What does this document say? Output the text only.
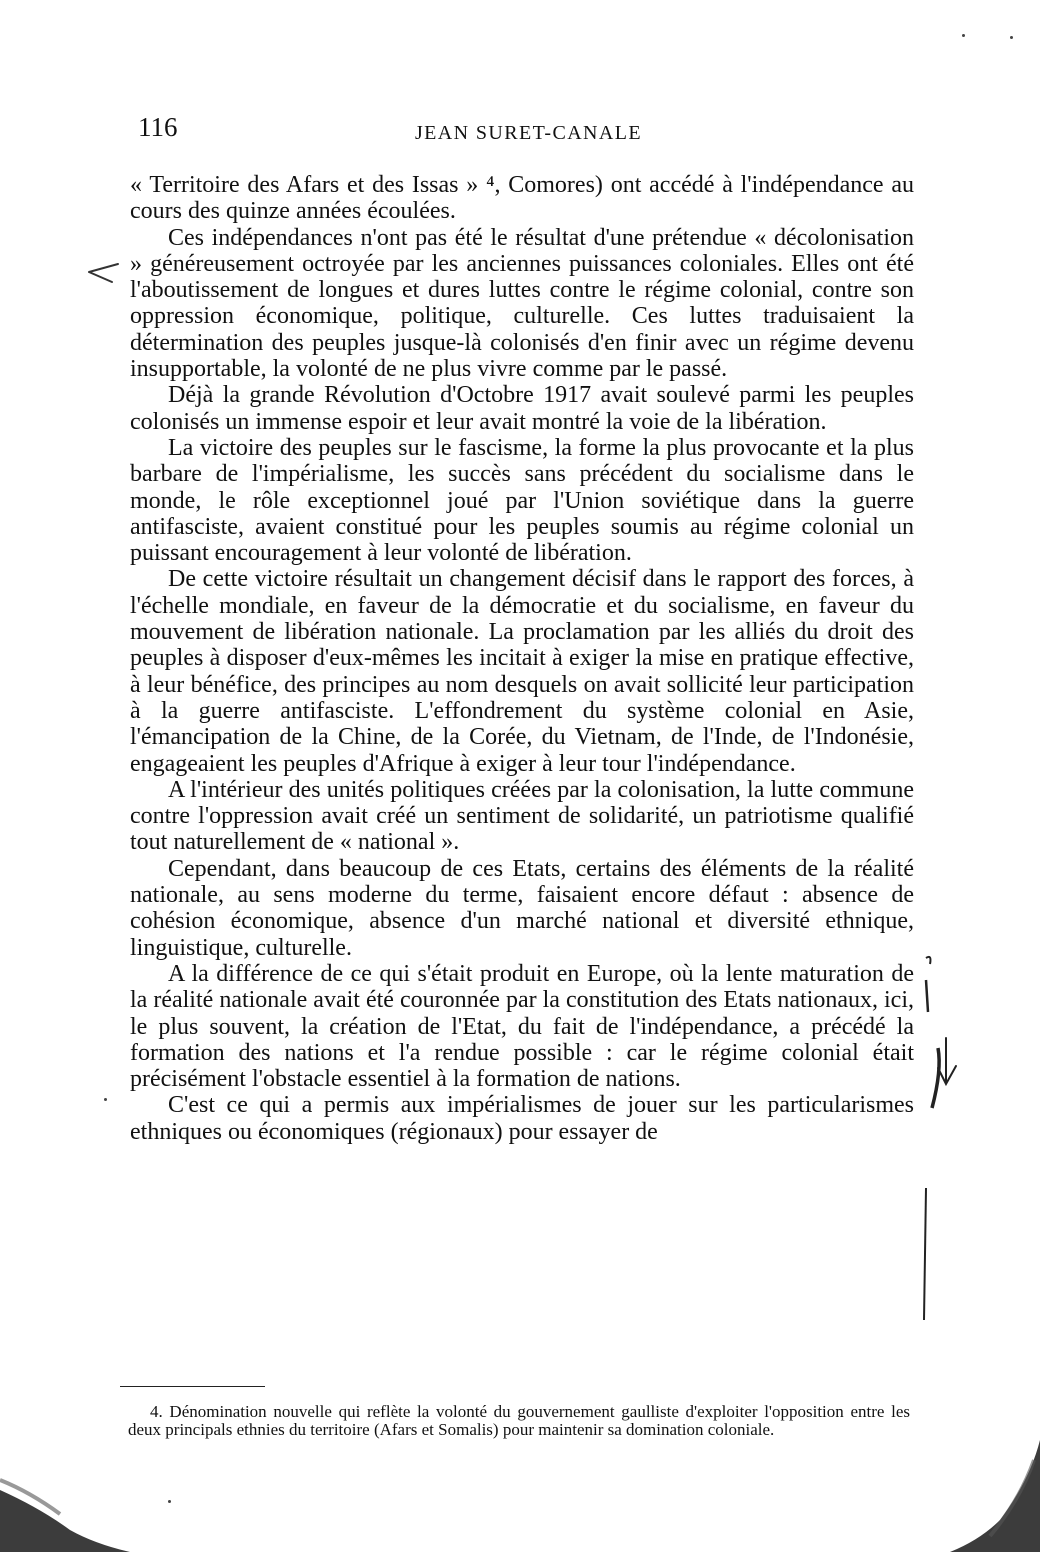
116	JEAN SURET-CANALE

« Territoire des Afars et des Issas » ⁴, Comores) ont accédé à l'indépendance au cours des quinze années écoulées.

Ces indépendances n'ont pas été le résultat d'une prétendue « décolonisation » généreusement octroyée par les anciennes puissances coloniales. Elles ont été l'aboutissement de longues et dures luttes contre le régime colonial, contre son oppression économique, politique, culturelle. Ces luttes traduisaient la détermination des peuples jusque-là colonisés d'en finir avec un régime devenu insupportable, la volonté de ne plus vivre comme par le passé.

Déjà la grande Révolution d'Octobre 1917 avait soulevé parmi les peuples colonisés un immense espoir et leur avait montré la voie de la libération.

La victoire des peuples sur le fascisme, la forme la plus provocante et la plus barbare de l'impérialisme, les succès sans précédent du socialisme dans le monde, le rôle exceptionnel joué par l'Union soviétique dans la guerre antifasciste, avaient constitué pour les peuples soumis au régime colonial un puissant encouragement à leur volonté de libération.

De cette victoire résultait un changement décisif dans le rapport des forces, à l'échelle mondiale, en faveur de la démocratie et du socialisme, en faveur du mouvement de libération nationale. La proclamation par les alliés du droit des peuples à disposer d'eux-mêmes les incitait à exiger la mise en pratique effective, à leur bénéfice, des principes au nom desquels on avait sollicité leur participation à la guerre antifasciste. L'effondrement du système colonial en Asie, l'émancipation de la Chine, de la Corée, du Vietnam, de l'Inde, de l'Indonésie, engageaient les peuples d'Afrique à exiger à leur tour l'indépendance.

A l'intérieur des unités politiques créées par la colonisation, la lutte commune contre l'oppression avait créé un sentiment de solidarité, un patriotisme qualifié tout naturellement de « national ».

Cependant, dans beaucoup de ces Etats, certains des éléments de la réalité nationale, au sens moderne du terme, faisaient encore défaut : absence de cohésion économique, absence d'un marché national et diversité ethnique, linguistique, culturelle.

A la différence de ce qui s'était produit en Europe, où la lente maturation de la réalité nationale avait été couronnée par la constitution des Etats nationaux, ici, le plus souvent, la création de l'Etat, du fait de l'indépendance, a précédé la formation des nations et l'a rendue possible : car le régime colonial était précisément l'obstacle essentiel à la formation de nations.

C'est ce qui a permis aux impérialismes de jouer sur les particularismes ethniques ou économiques (régionaux) pour essayer de

4. Dénomination nouvelle qui reflète la volonté du gouvernement gaulliste d'exploiter l'opposition entre les deux principals ethnies du territoire (Afars et Somalis) pour maintenir sa domination coloniale.
